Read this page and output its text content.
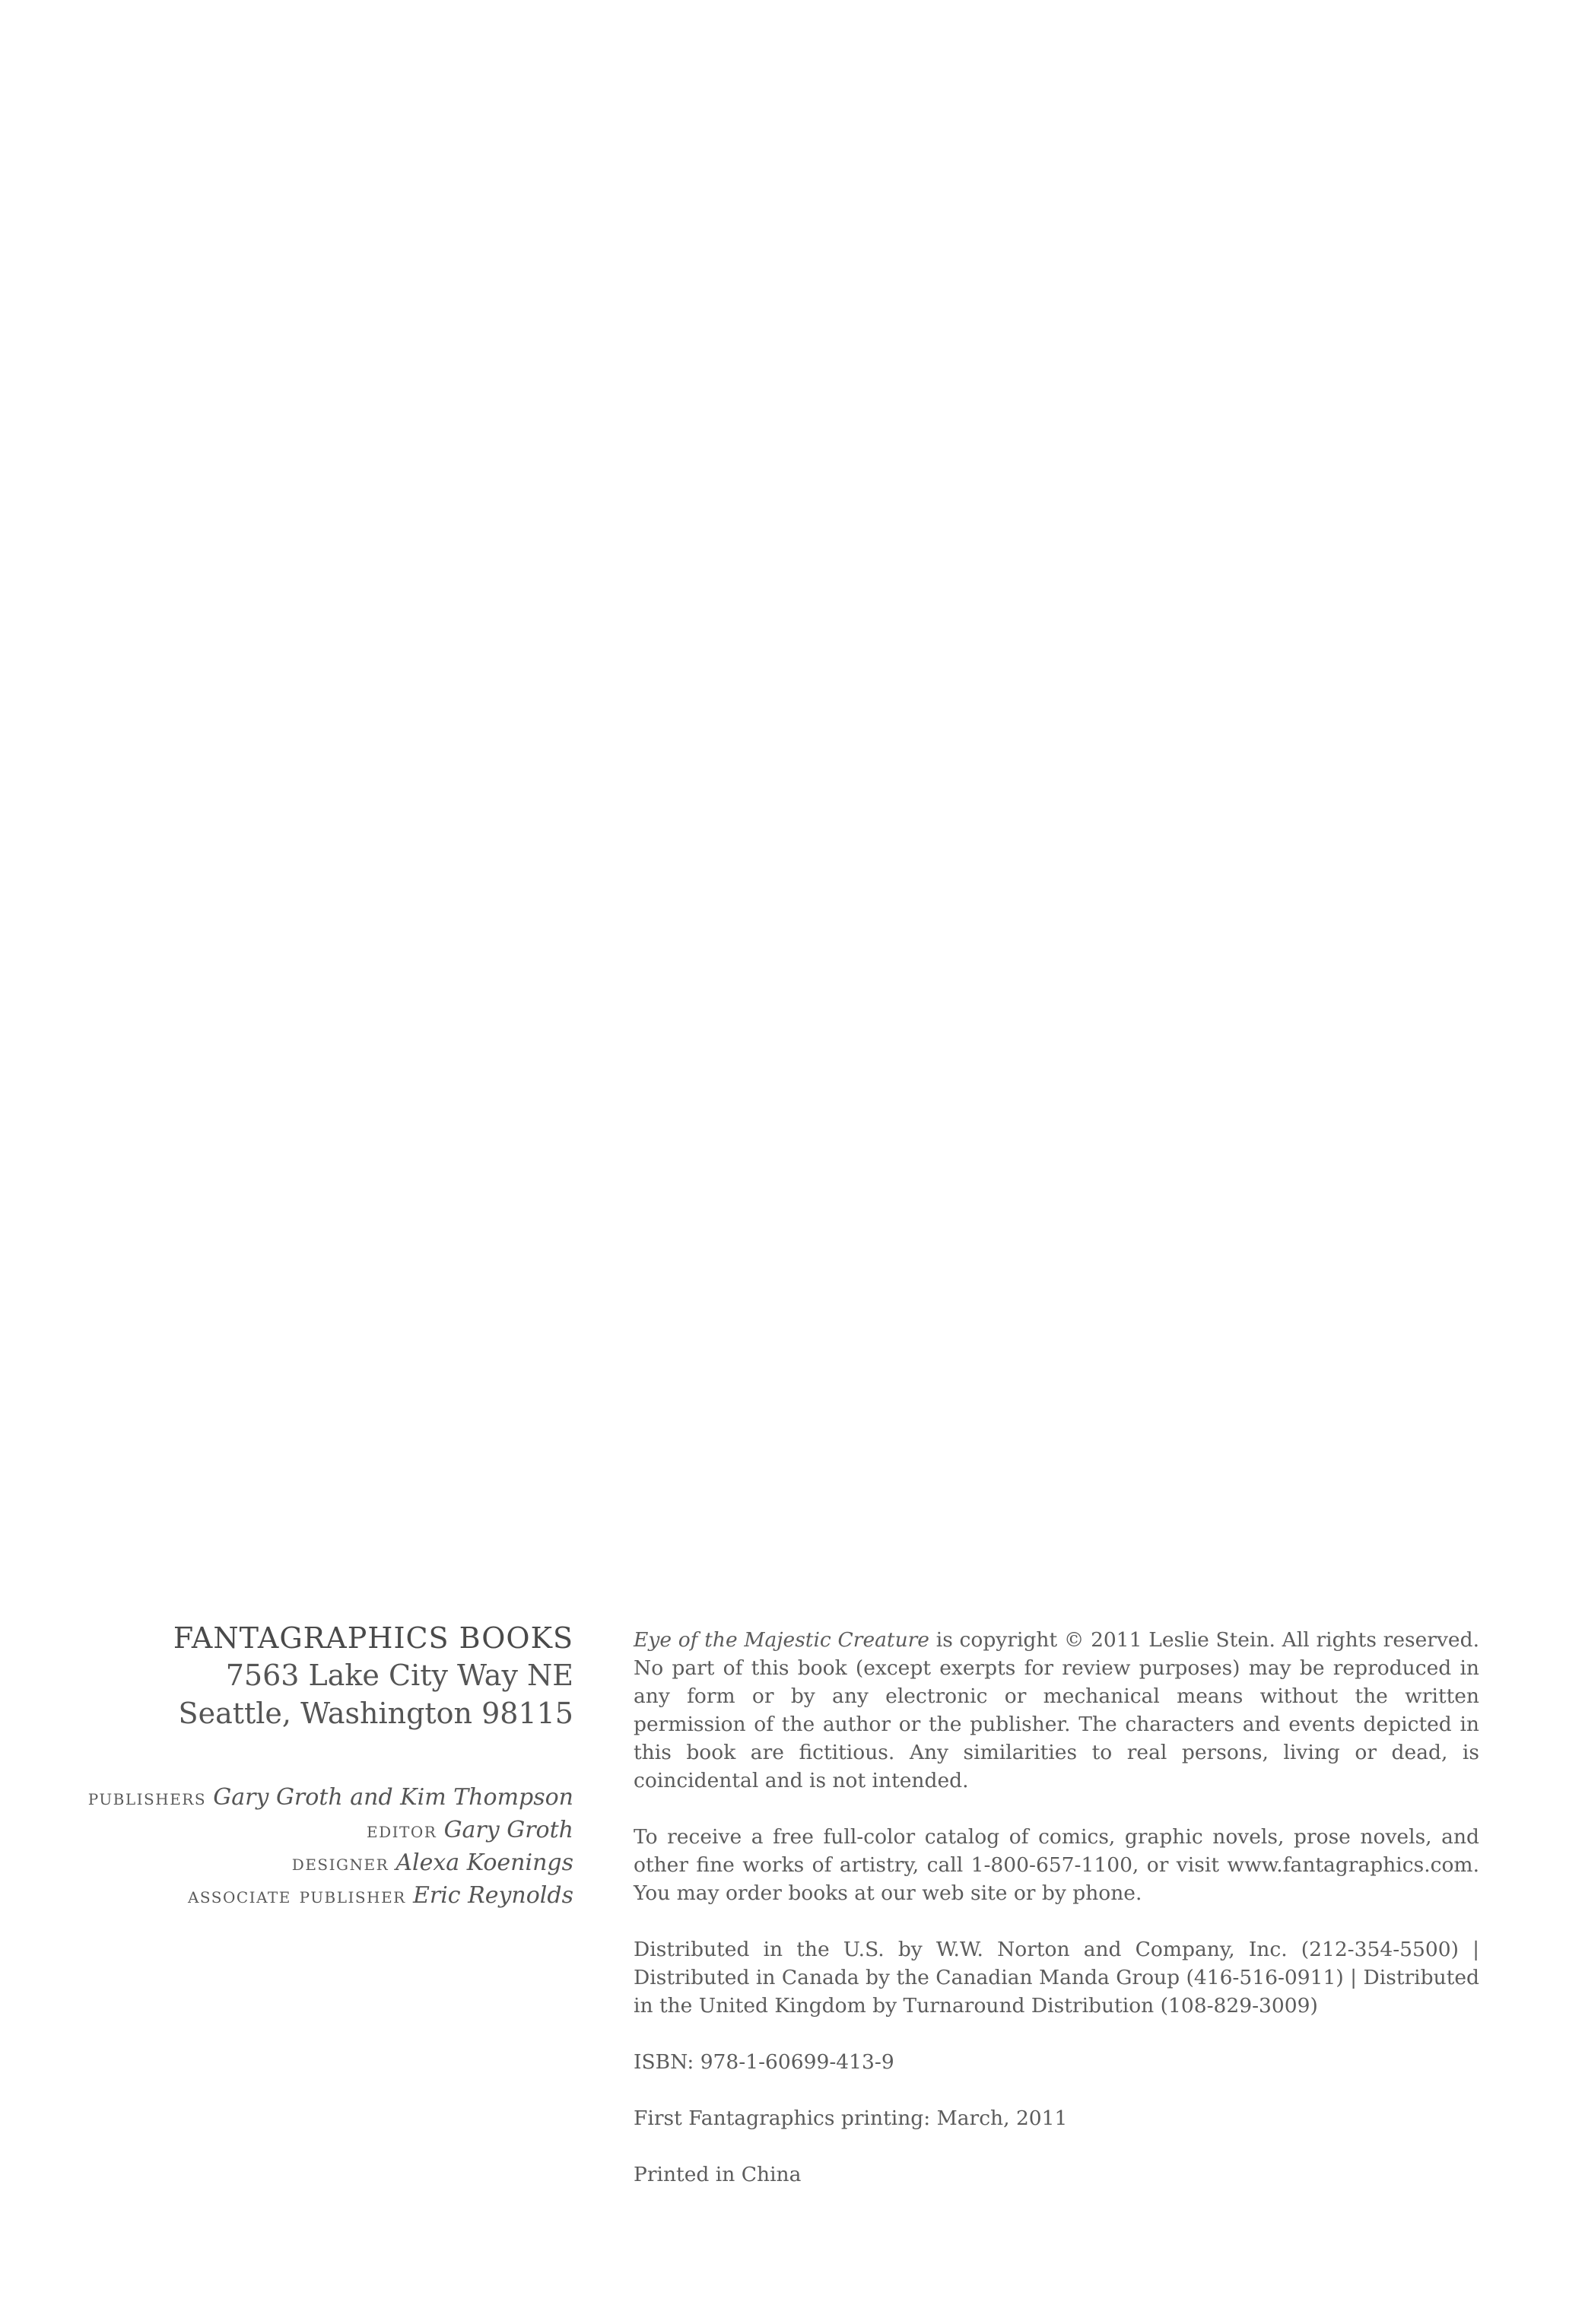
FANTAGRAPHICS BOOKS
7563 Lake City Way NE
Seattle, Washington 98115
publishers Gary Groth and Kim Thompson
editor Gary Groth
designer Alexa Koenings
associate publisher Eric Reynolds

Eye of the Majestic Creature is copyright © 2011 Leslie Stein. All rights reserved. No part of this book (except exerpts for review purposes) may be reproduced in any form or by any electronic or mechanical means without the written permission of the author or the publisher. The characters and events depicted in this book are fictitious. Any similarities to real persons, living or dead, is coincidental and is not intended.

To receive a free full-color catalog of comics, graphic novels, prose novels, and other fine works of artistry, call 1-800-657-1100, or visit www.fantagraphics.com. You may order books at our web site or by phone.

Distributed in the U.S. by W.W. Norton and Company, Inc. (212-354-5500) | Distributed in Canada by the Canadian Manda Group (416-516-0911) | Distributed in the United Kingdom by Turnaround Distribution (108-829-3009)

ISBN: 978-1-60699-413-9

First Fantagraphics printing: March, 2011

Printed in China
